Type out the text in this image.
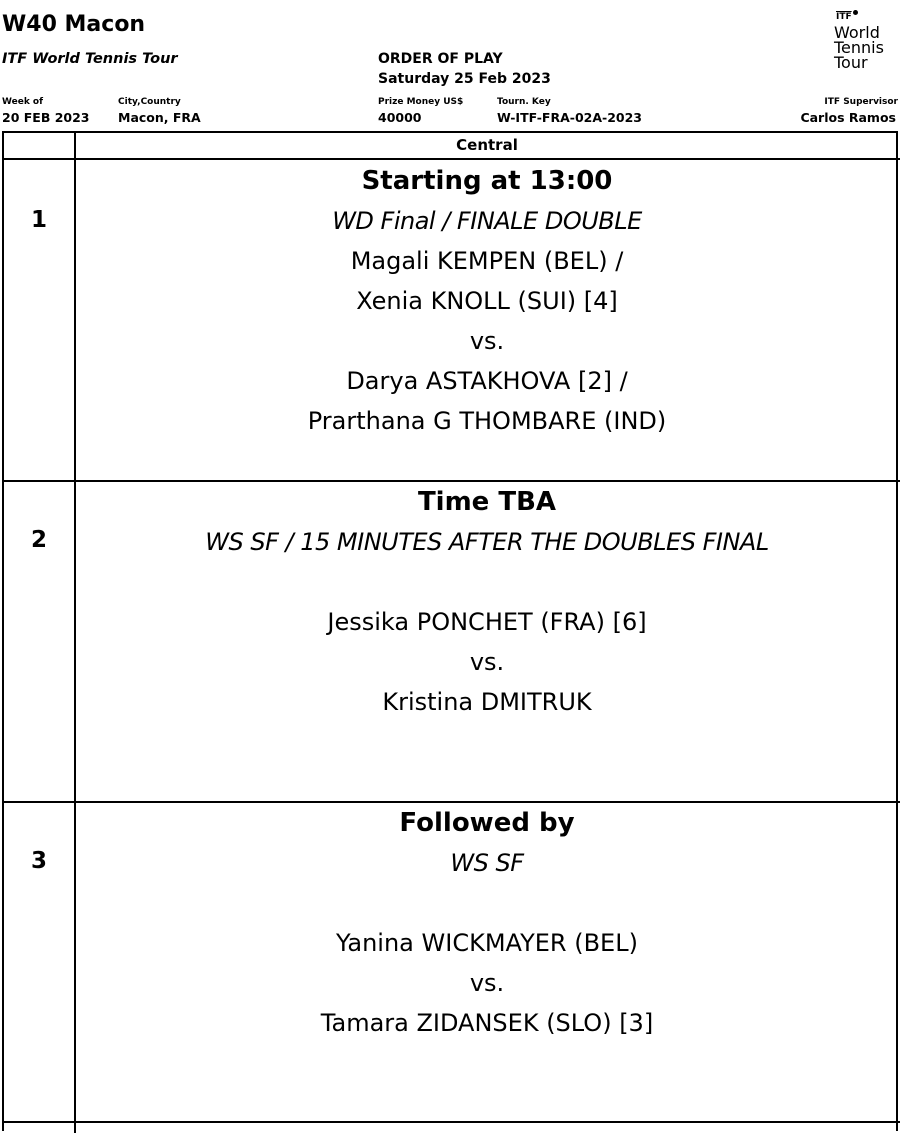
W40 Macon
ITF World Tennis Tour	ORDER OF PLAY
Saturday 25 Feb 2023
$\overline{ITF}$
World
Tennis
Tour
Week of
20 FEB 2023
City,Country
Macon, FRA
Prize Money US$
40000
Tourn. Key
W-ITF-FRA-02A-2023
ITF Supervisor
Carlos Ramos
Central
1
Starting at 13:00
WD Final / FINALE DOUBLE
Magali KEMPEN (BEL) /
Xenia KNOLL (SUI) [4]
vs.
Darya ASTAKHOVA [2] /
Prarthana G THOMBARE (IND)
2
Time TBA
WS SF / 15 MINUTES AFTER THE DOUBLES FINAL
Jessika PONCHET (FRA) [6]
vs.
Kristina DMITRUK
3
Followed by
WS SF
Yanina WICKMAYER (BEL)
vs.
Tamara ZIDANSEK (SLO) [3]
